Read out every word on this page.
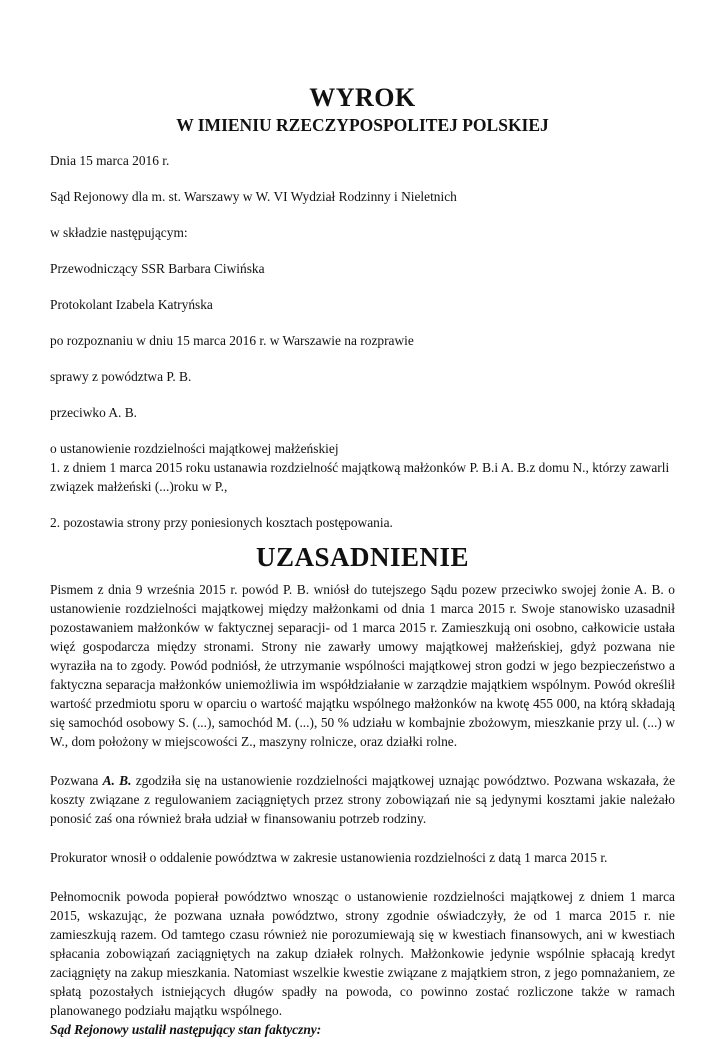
WYROK
W IMIENIU RZECZYPOSPOLITEJ POLSKIEJ

Dnia 15 marca 2016 r.

Sąd Rejonowy dla m. st. Warszawy w W. VI Wydział Rodzinny i Nieletnich

w składzie następującym:

Przewodniczący SSR Barbara Ciwińska

Protokolant Izabela Katryńska

po rozpoznaniu w dniu 15 marca 2016 r. w Warszawie na rozprawie

sprawy z powództwa P. B.

przeciwko A. B.

o ustanowienie rozdzielności majątkowej małżeńskiej

1. z dniem 1 marca 2015 roku ustanawia rozdzielność majątkową małżonków P. B.i A. B.z domu N., którzy zawarli związek małżeński (...)roku w P.,

2. pozostawia strony przy poniesionych kosztach postępowania.

UZASADNIENIE

Pismem z dnia 9 września 2015 r. powód P. B. wniósł do tutejszego Sądu pozew przeciwko swojej żonie A. B. o ustanowienie rozdzielności majątkowej między małżonkami od dnia 1 marca 2015 r. Swoje stanowisko uzasadnił pozostawaniem małżonków w faktycznej separacji- od 1 marca 2015 r. Zamieszkują oni osobno, całkowicie ustała więź gospodarcza między stronami. Strony nie zawarły umowy majątkowej małżeńskiej, gdyż pozwana nie wyraziła na to zgody. Powód podniósł, że utrzymanie wspólności majątkowej stron godzi w jego bezpieczeństwo a faktyczna separacja małżonków uniemożliwia im współdziałanie w zarządzie majątkiem wspólnym. Powód określił wartość przedmiotu sporu w oparciu o wartość majątku wspólnego małżonków na kwotę 455 000, na którą składają się samochód osobowy S. (...), samochód M. (...), 50 % udziału w kombajnie zbożowym, mieszkanie przy ul. (...) w W., dom położony w miejscowości Z., maszyny rolnicze, oraz działki rolne.

Pozwana A. B. zgodziła się na ustanowienie rozdzielności majątkowej uznając powództwo. Pozwana wskazała, że koszty związane z regulowaniem zaciągniętych przez strony zobowiązań nie są jedynymi kosztami jakie należało ponosić zaś ona również brała udział w finansowaniu potrzeb rodziny.

Prokurator wnosił o oddalenie powództwa w zakresie ustanowienia rozdzielności z datą 1 marca 2015 r.

Pełnomocnik powoda popierał powództwo wnosząc o ustanowienie rozdzielności majątkowej z dniem 1 marca 2015, wskazując, że pozwana uznała powództwo, strony zgodnie oświadczyły, że od 1 marca 2015 r. nie zamieszkują razem. Od tamtego czasu również nie porozumiewają się w kwestiach finansowych, ani w kwestiach spłacania zobowiązań zaciągniętych na zakup działek rolnych. Małżonkowie jedynie wspólnie spłacają kredyt zaciągnięty na zakup mieszkania. Natomiast wszelkie kwestie związane z majątkiem stron, z jego pomnażaniem, ze spłatą pozostałych istniejących długów spadły na powoda, co powinno zostać rozliczone także w ramach planowanego podziału majątku wspólnego.

Sąd Rejonowy ustalił następujący stan faktyczny:
